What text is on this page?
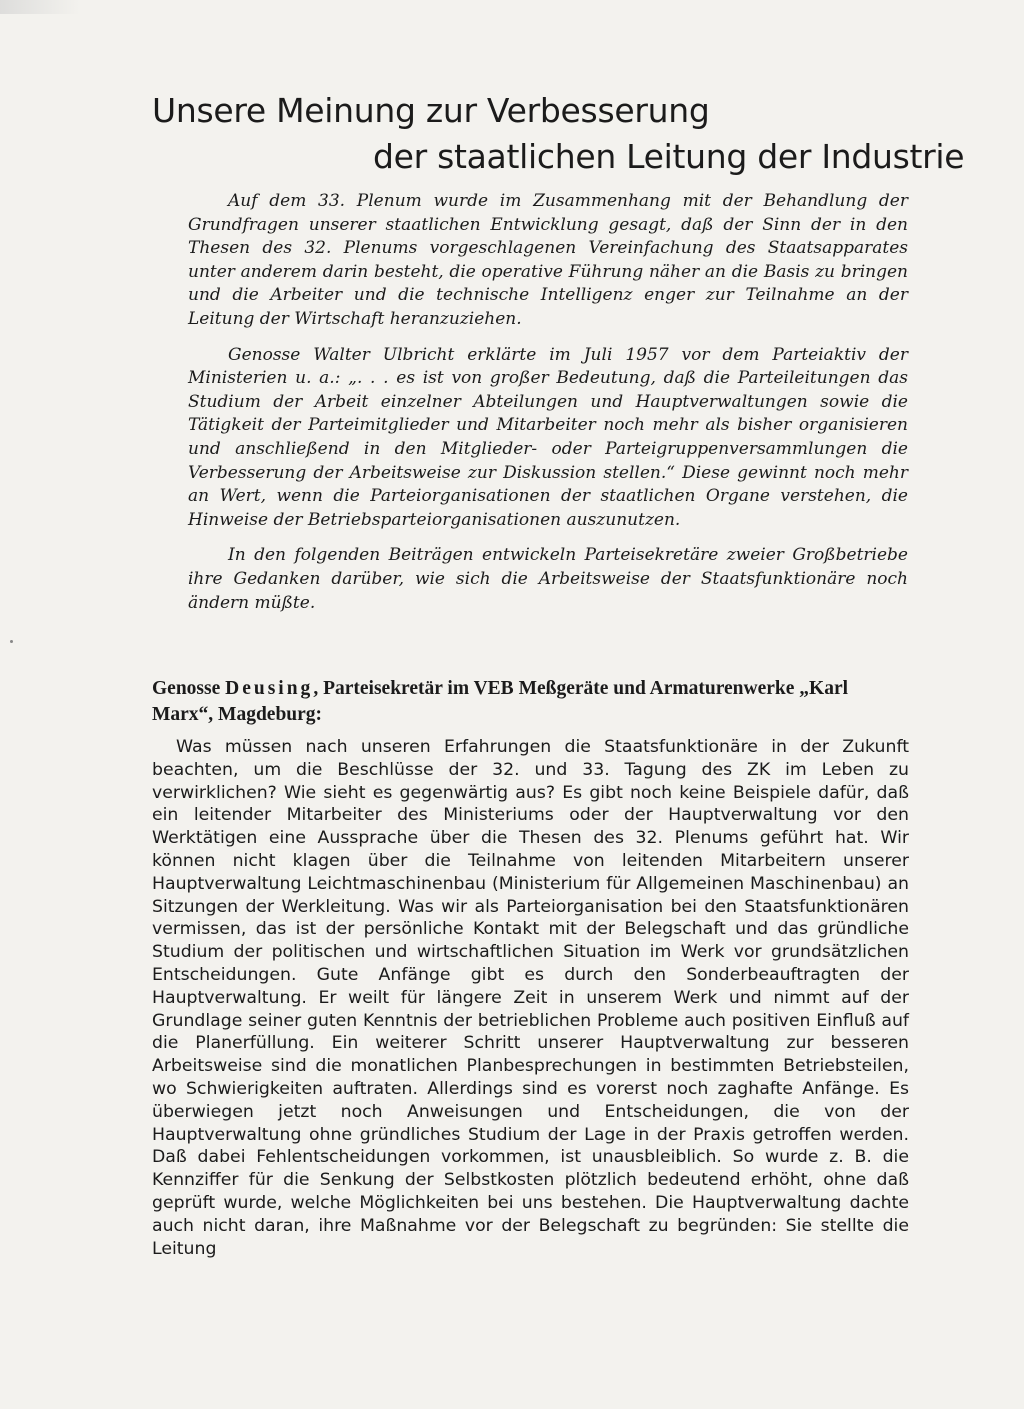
Unsere Meinung zur Verbesserung
der staatlichen Leitung der Industrie

Auf dem 33. Plenum wurde im Zusammenhang mit der Behandlung der Grundfragen unserer staatlichen Entwicklung gesagt, daß der Sinn der in den Thesen des 32. Plenums vorgeschlagenen Vereinfachung des Staatsapparates unter anderem darin besteht, die operative Führung näher an die Basis zu bringen und die Arbeiter und die technische Intelligenz enger zur Teilnahme an der Leitung der Wirtschaft heranzuziehen.

Genosse Walter Ulbricht erklärte im Juli 1957 vor dem Parteiaktiv der Ministerien u. a.: „. . . es ist von großer Bedeutung, daß die Parteileitungen das Studium der Arbeit einzelner Abteilungen und Hauptverwaltungen sowie die Tätigkeit der Parteimitglieder und Mitarbeiter noch mehr als bisher organisieren und anschließend in den Mitglieder- oder Parteigruppenversammlungen die Verbesserung der Arbeitsweise zur Diskussion stellen.“ Diese gewinnt noch mehr an Wert, wenn die Parteiorganisationen der staatlichen Organe verstehen, die Hinweise der Betriebsparteiorganisationen auszunutzen.

In den folgenden Beiträgen entwickeln Parteisekretäre zweier Großbetriebe ihre Gedanken darüber, wie sich die Arbeitsweise der Staatsfunktionäre noch ändern müßte.

Genosse Deusing, Parteisekretär im VEB Meßgeräte und Armaturenwerke „Karl Marx“, Magdeburg:

Was müssen nach unseren Erfahrungen die Staatsfunktionäre in der Zukunft beachten, um die Beschlüsse der 32. und 33. Tagung des ZK im Leben zu verwirklichen? Wie sieht es gegenwärtig aus? Es gibt noch keine Beispiele dafür, daß ein leitender Mitarbeiter des Ministeriums oder der Hauptverwaltung vor den Werktätigen eine Aussprache über die Thesen des 32. Plenums geführt hat. Wir können nicht klagen über die Teilnahme von leitenden Mitarbeitern unserer Hauptverwaltung Leichtmaschinenbau (Ministerium für Allgemeinen Maschinenbau) an Sitzungen der Werkleitung. Was wir als Parteiorganisation bei den Staatsfunktionären vermissen, das ist der persönliche Kontakt mit der Belegschaft und das gründliche Studium der politischen und wirtschaftlichen Situation im Werk vor grundsätzlichen Entscheidungen. Gute Anfänge gibt es durch den Sonderbeauftragten der Hauptverwaltung. Er weilt für längere Zeit in unserem Werk und nimmt auf der Grundlage seiner guten Kenntnis der betrieblichen Probleme auch positiven Einfluß auf die Planerfüllung. Ein weiterer Schritt unserer Hauptverwaltung zur besseren Arbeitsweise sind die monatlichen Planbesprechungen in bestimmten Betriebsteilen, wo Schwierigkeiten auftraten. Allerdings sind es vorerst noch zaghafte Anfänge. Es überwiegen jetzt noch Anweisungen und Entscheidungen, die von der Hauptverwaltung ohne gründliches Studium der Lage in der Praxis getroffen werden. Daß dabei Fehlentscheidungen vorkommen, ist unausbleiblich. So wurde z. B. die Kennziffer für die Senkung der Selbstkosten plötzlich bedeutend erhöht, ohne daß geprüft wurde, welche Möglichkeiten bei uns bestehen. Die Hauptverwaltung dachte auch nicht daran, ihre Maßnahme vor der Belegschaft zu begründen: Sie stellte die Leitung
